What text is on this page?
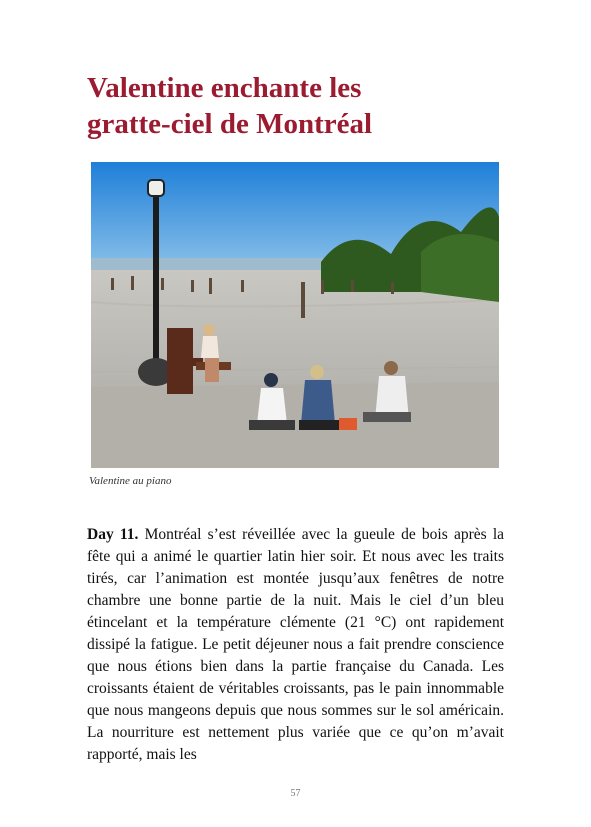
Valentine enchante les
gratte-ciel de Montréal
Valentine au piano
Day 11. Montréal s’est réveillée avec la gueule de bois après la fête qui a animé le quartier latin hier soir. Et nous avec les traits tirés, car l’animation est montée jusqu’aux fenêtres de notre chambre une bonne partie de la nuit. Mais le ciel d’un bleu étincelant et la température clémente (21 °C) ont rapidement dissipé la fatigue. Le petit déjeuner nous a fait prendre conscience que nous étions bien dans la partie française du Canada. Les croissants étaient de véritables croissants, pas le pain innommable que nous mangeons depuis que nous sommes sur le sol américain. La nourriture est nettement plus variée que ce qu’on m’avait rapporté, mais les
57
